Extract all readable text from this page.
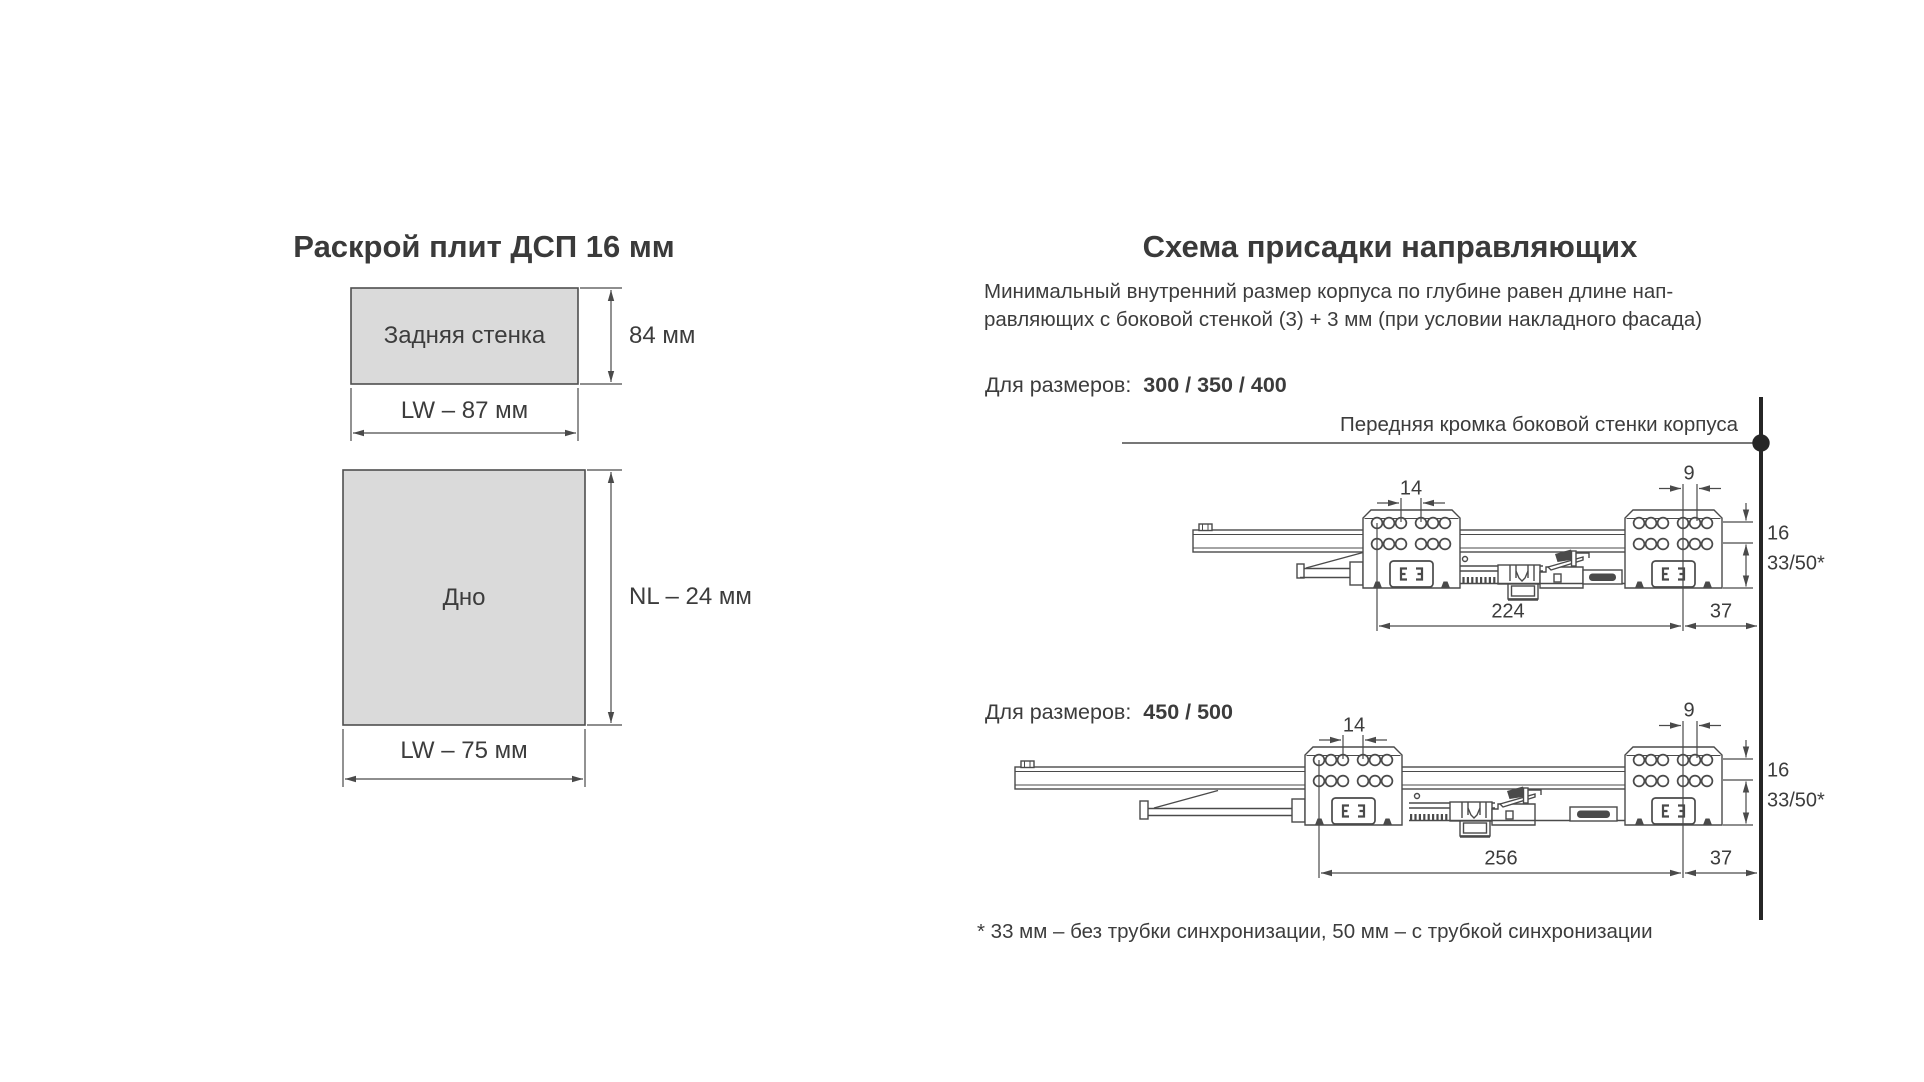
Раскрой плит ДСП 16 мм	Схема присадки направляющих
Задняя стенка	84 мм
LW – 87 мм
Дно	NL – 24 мм
LW – 75 мм
Минимальный внутренний размер корпуса по глубине равен длине нап-
равляющих с боковой стенкой (3) + 3 мм (при условии накладного фасада)
Для размеров: 300 / 350 / 400
Передняя кромка боковой стенки корпуса
14
9
16
33/50*
224	37
Для размеров: 450 / 500
14
9
16
33/50*
256	37
* 33 мм – без трубки синхронизации, 50 мм – с трубкой синхронизации
